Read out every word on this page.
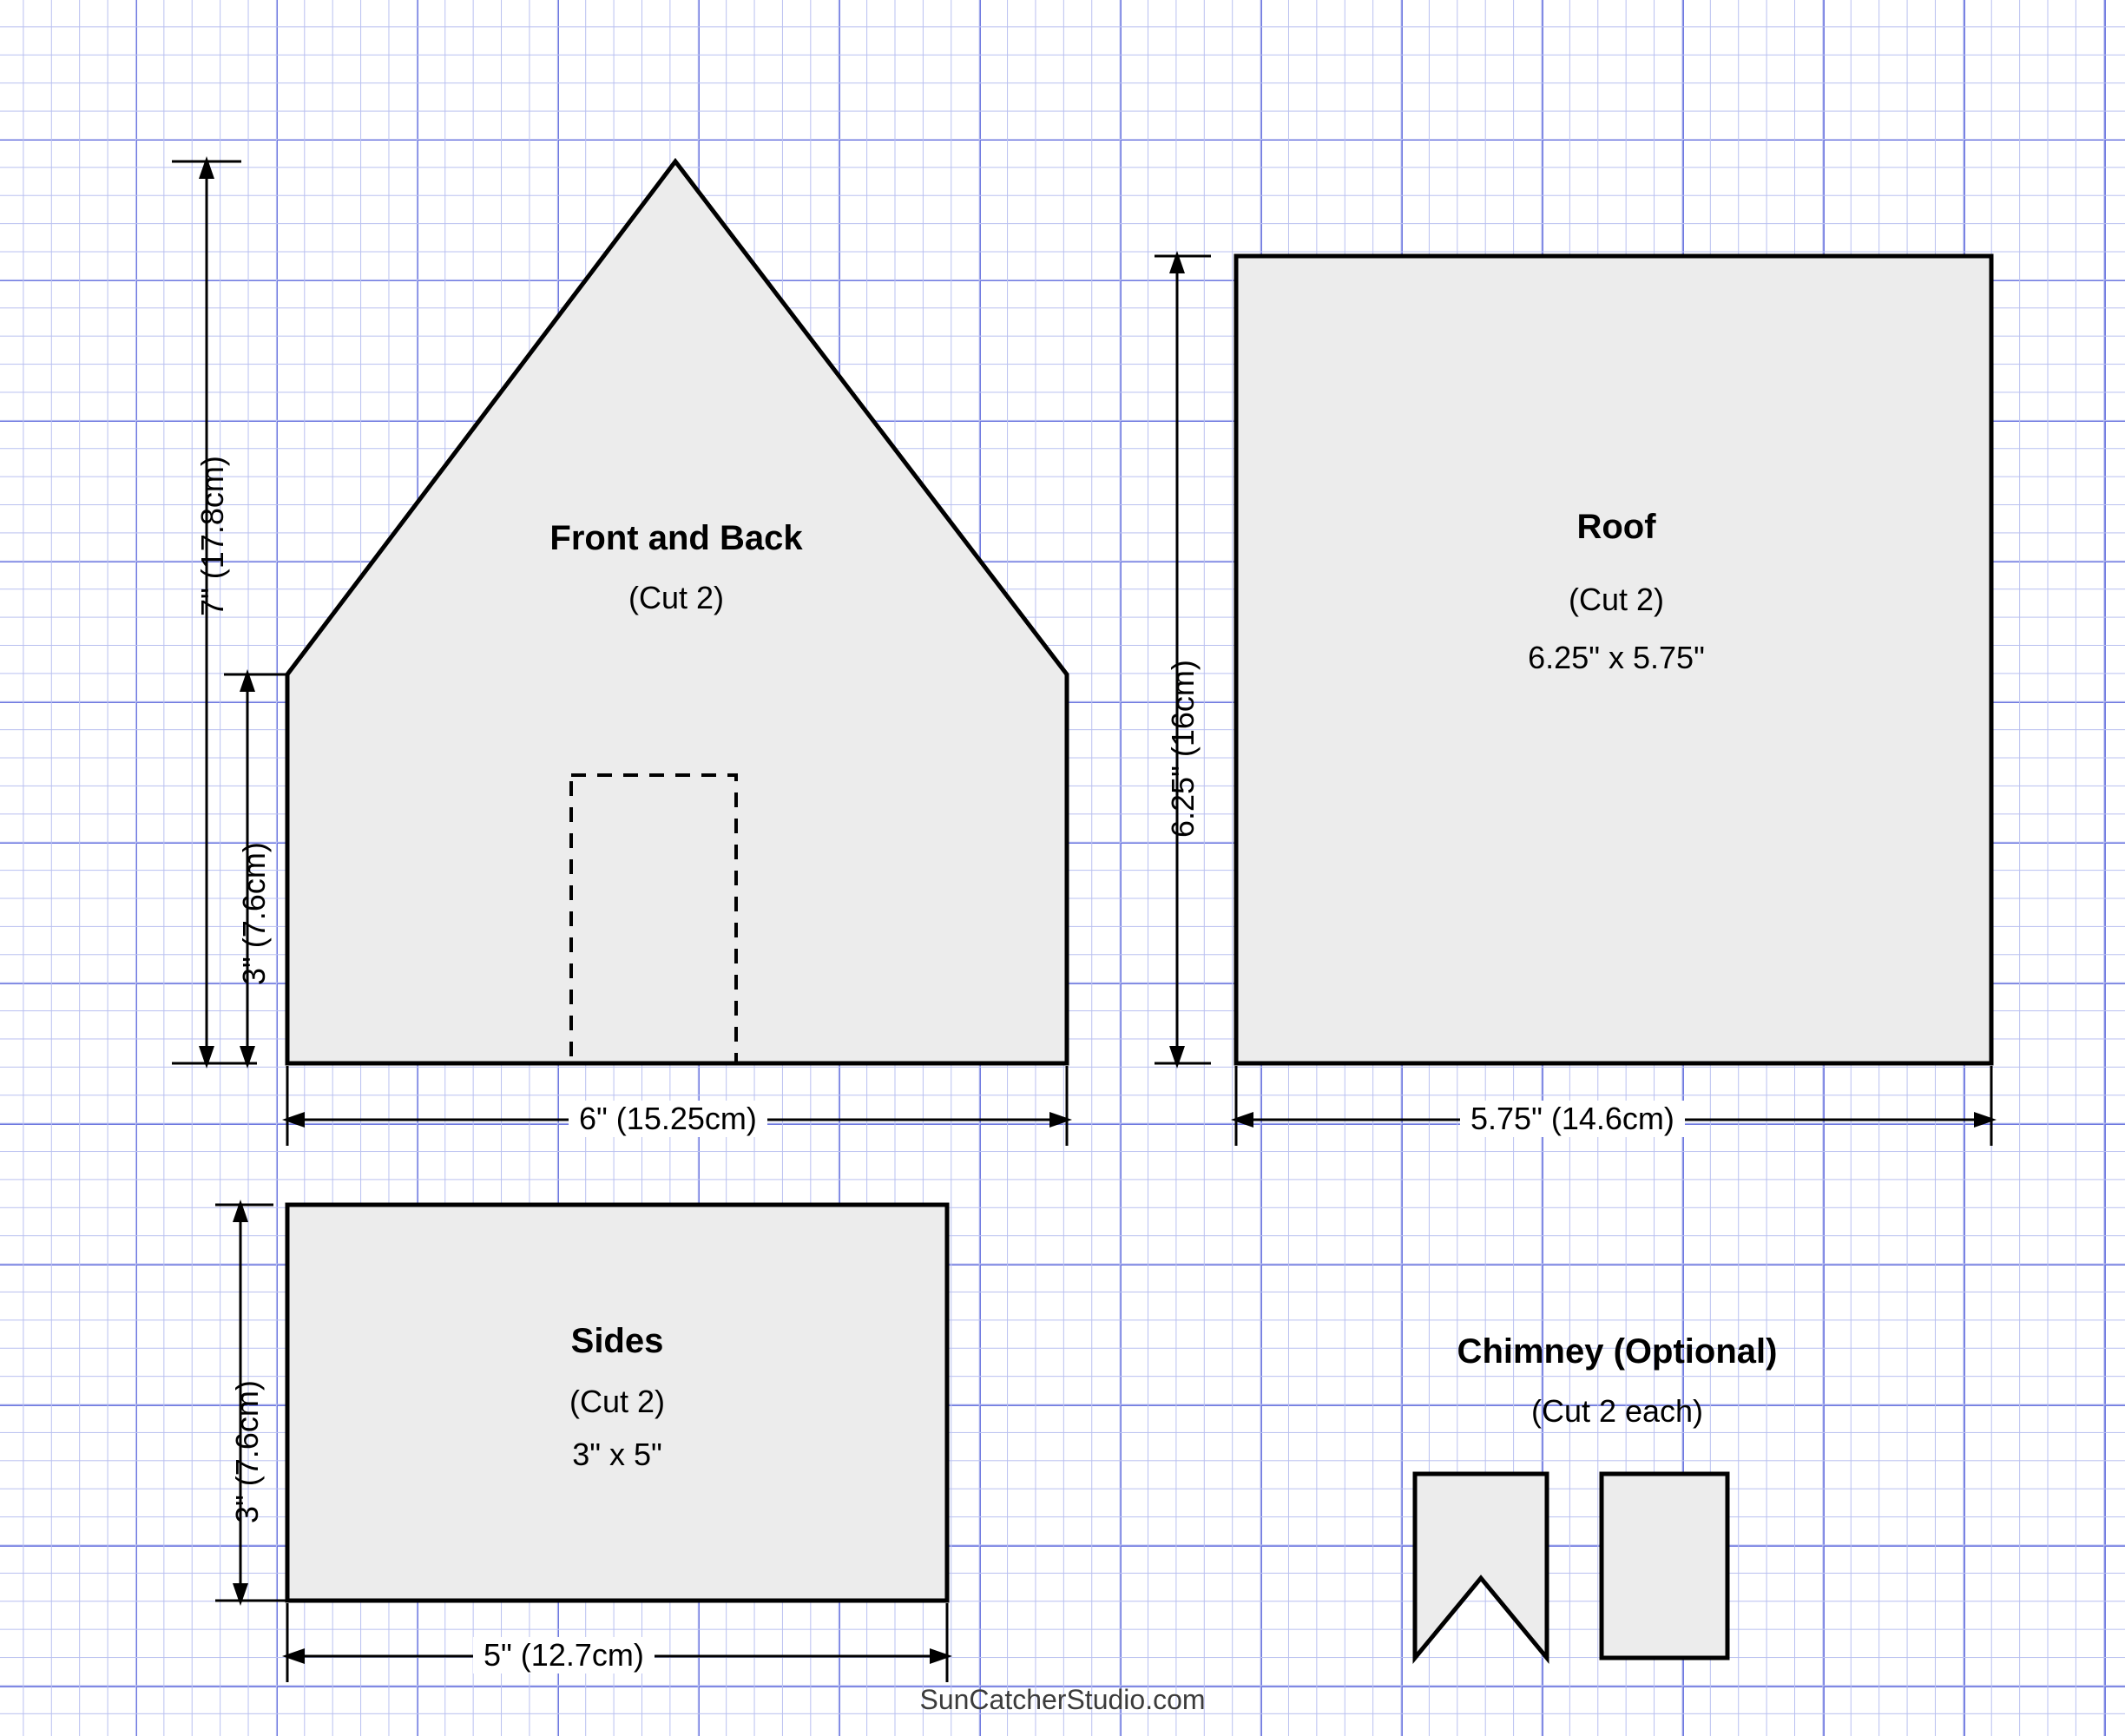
Front and Back
(Cut 2)
7" (17.8cm)
3" (7.6cm)
6" (15.25cm)
Roof
(Cut 2)
6.25" x 5.75"
6.25" (16cm)
5.75" (14.6cm)
Sides
(Cut 2)
3" x 5"
3" (7.6cm)
5" (12.7cm)
Chimney (Optional)
(Cut 2 each)
SunCatcherStudio.com
